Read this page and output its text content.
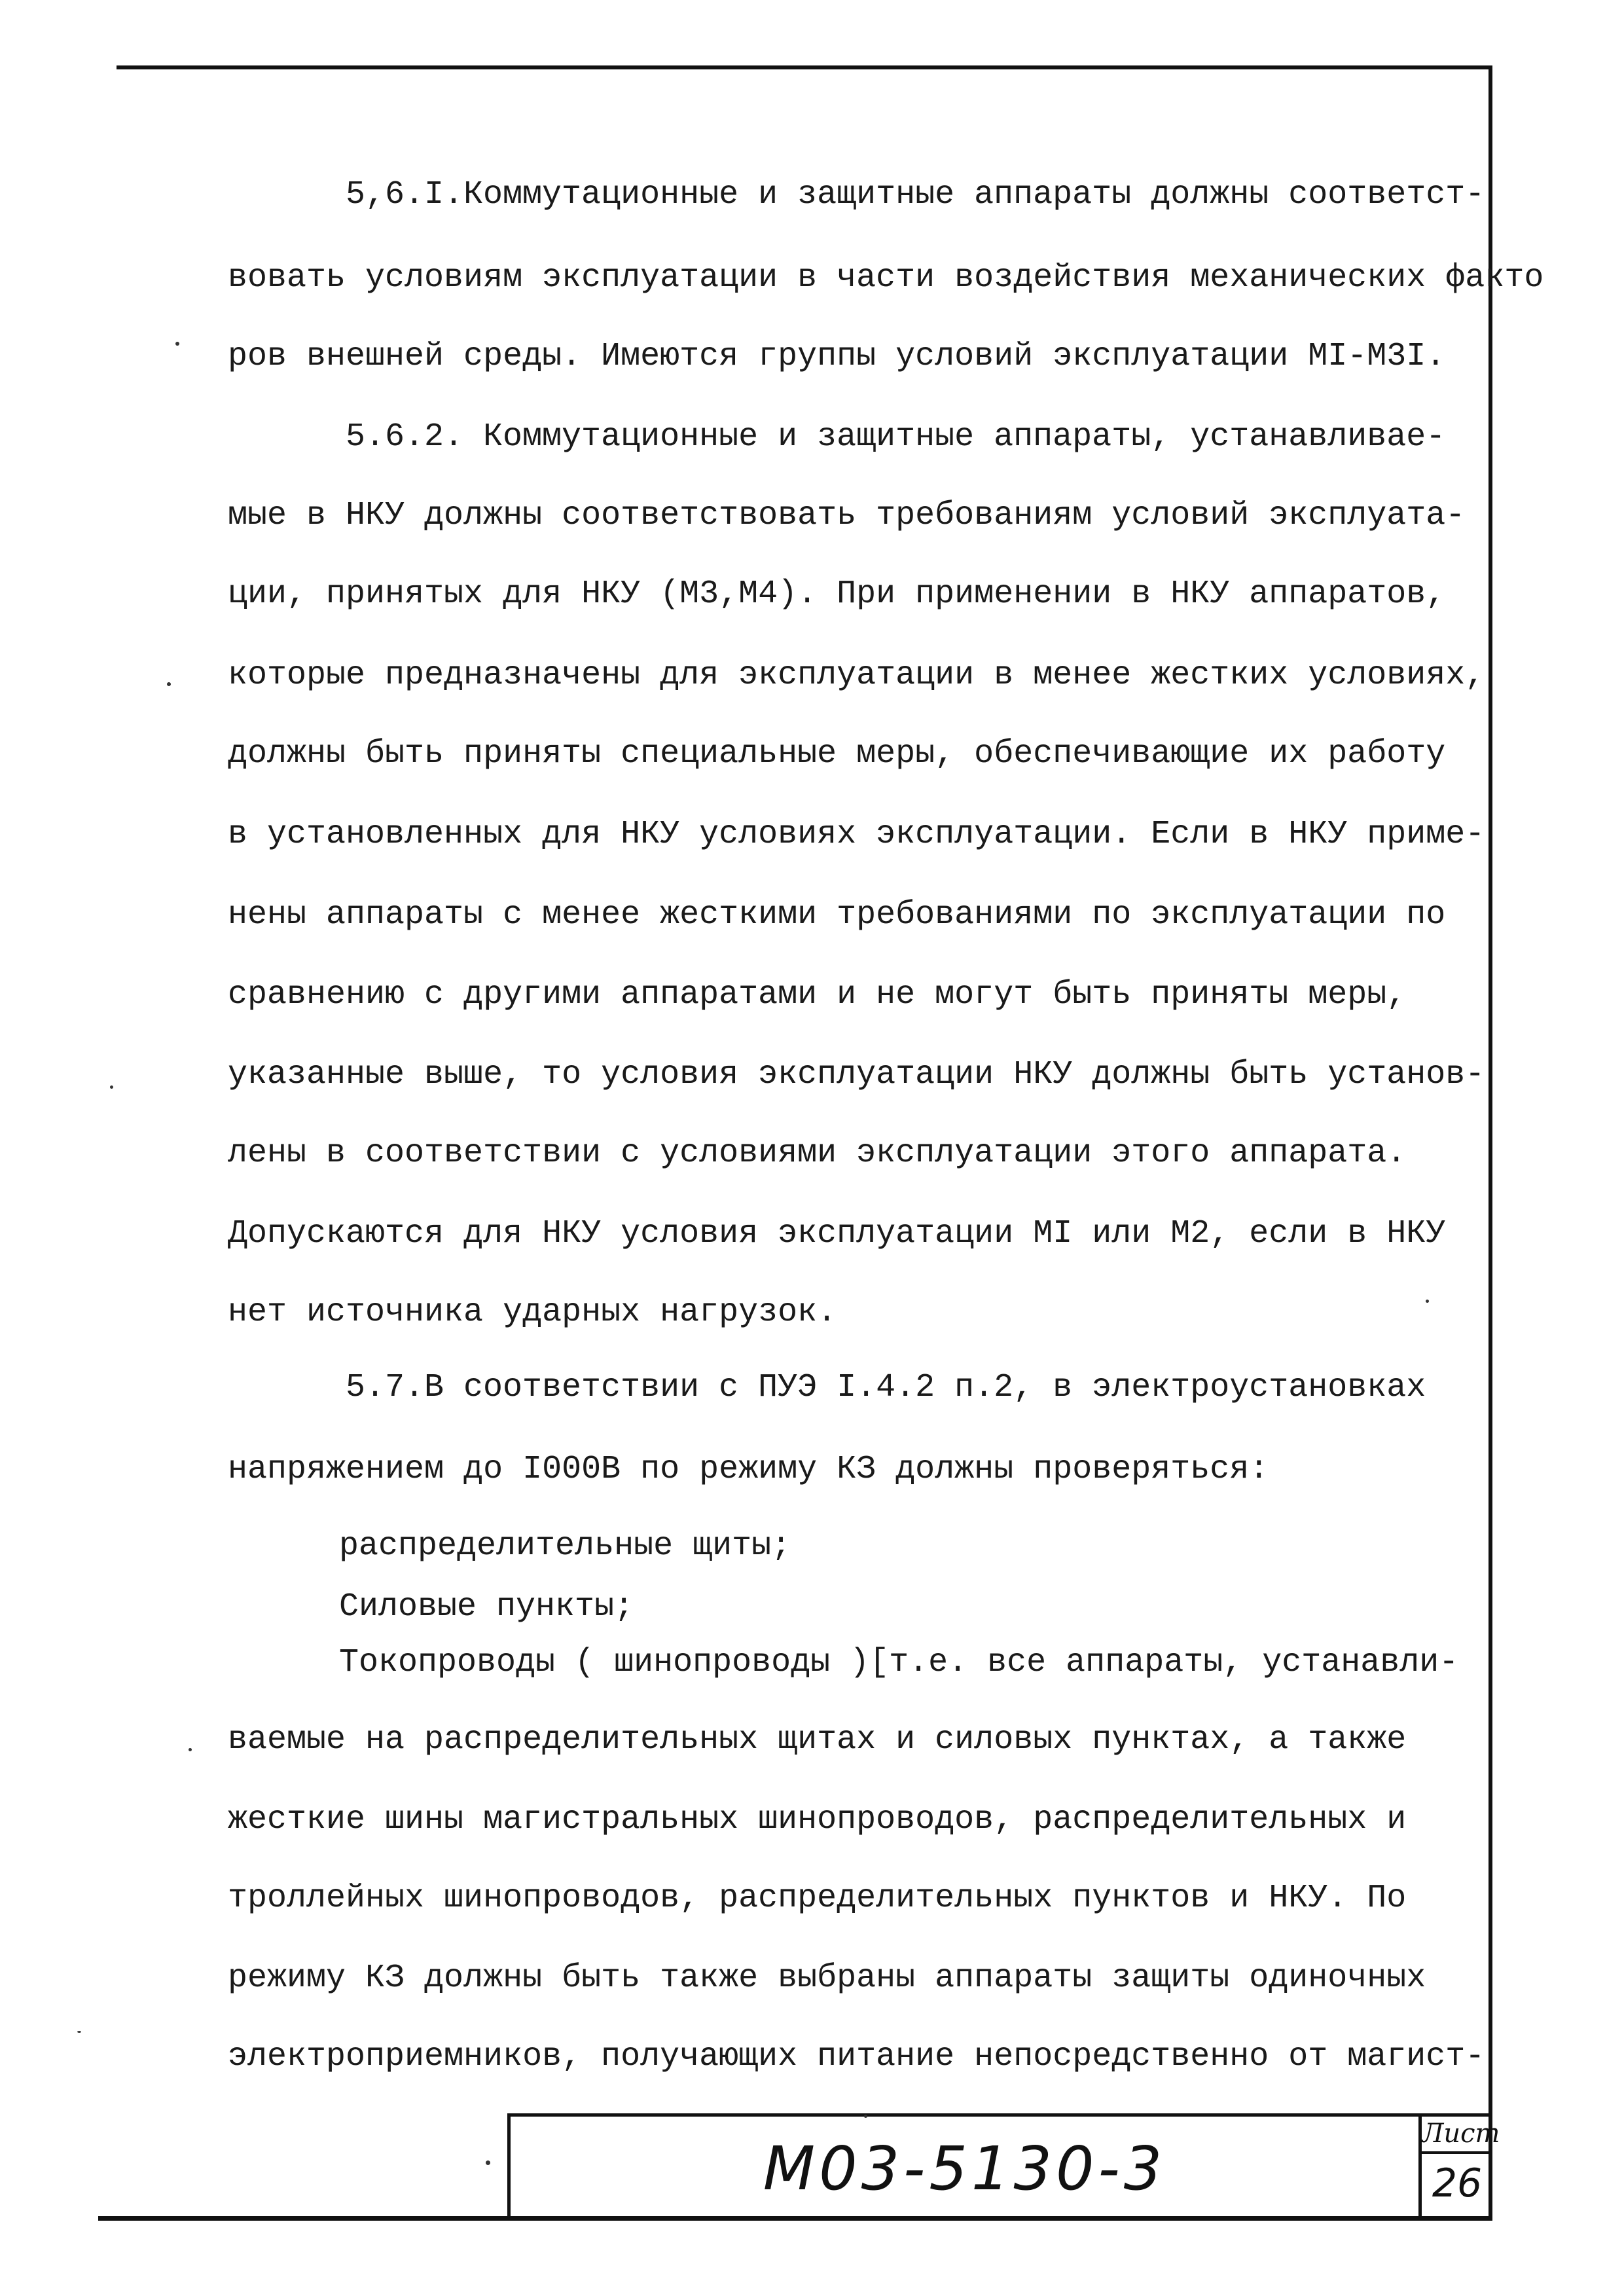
5,6.I.Коммутационные и защитные аппараты должны соответст-

вовать условиям эксплуатации в части воздействия механических факто

ров внешней среды. Имеются группы условий эксплуатации МI-М3I.

5.6.2. Коммутационные и защитные аппараты, устанавливае-

мые в НКУ должны соответствовать требованиям условий эксплуата-

ции, принятых для НКУ (М3,М4). При применении в НКУ аппаратов,

которые предназначены для эксплуатации в менее жестких условиях,

должны быть приняты специальные меры, обеспечивающие их работу

в установленных для НКУ условиях эксплуатации. Если в НКУ приме-

нены аппараты с менее жесткими требованиями по эксплуатации по

сравнению с другими аппаратами и не могут быть приняты меры,

указанные выше, то условия эксплуатации НКУ должны быть установ-

лены в соответствии с условиями эксплуатации этого аппарата.

Допускаются для НКУ условия эксплуатации МI или М2, если в НКУ

нет источника ударных нагрузок.

5.7.В соответствии с ПУЭ I.4.2 п.2, в электроустановках

напряжением до I000В по режиму КЗ должны проверяться:

распределительные щиты;

Силовые пункты;

Токопроводы ( шинопроводы )[т.е. все аппараты, устанавли-

ваемые на распределительных щитах и силовых пунктах, а также

жесткие шины магистральных шинопроводов, распределительных и

троллейных шинопроводов, распределительных пунктов и НКУ. По

режиму КЗ должны быть также выбраны аппараты защиты одиночных

электроприемников, получающих питание непосредственно от магист-

М03-5130-3	Лист
26
